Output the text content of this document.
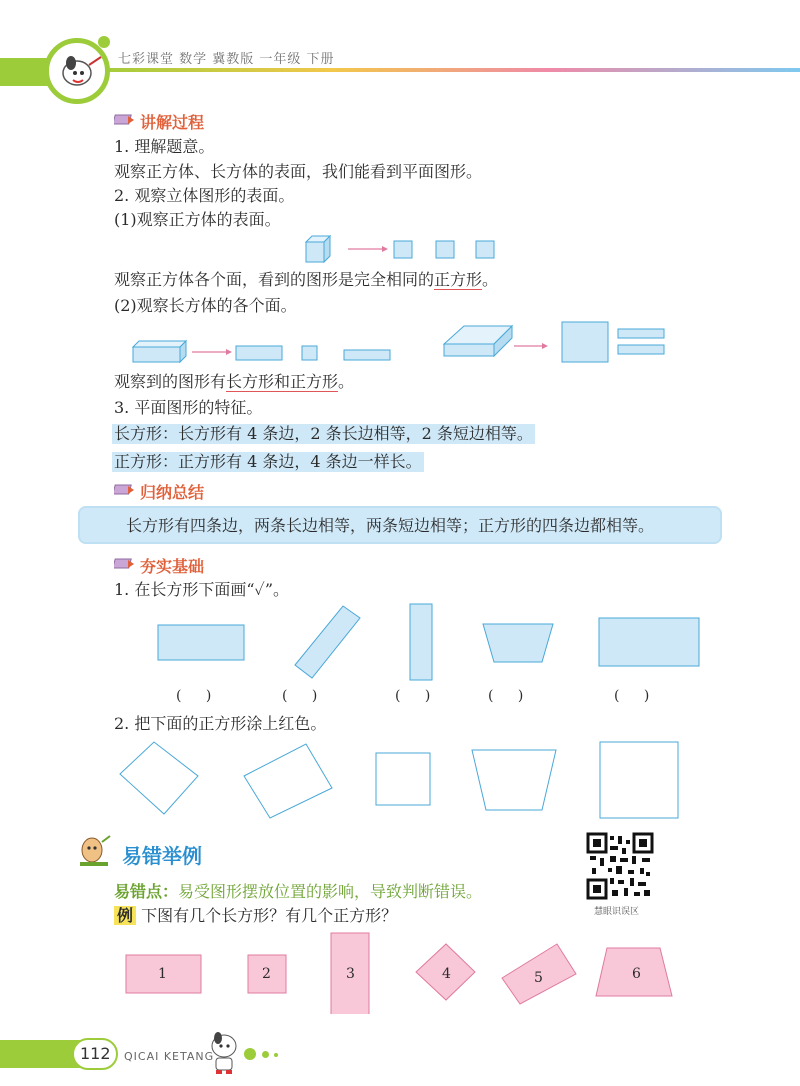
七彩课堂 数学 冀教版 一年级 下册
讲解过程
1. 理解题意。
观察正方体、长方体的表面，我们能看到平面图形。
2. 观察立体图形的表面。
(1)观察正方体的表面。
观察正方体各个面，看到的图形是完全相同的正方形。
(2)观察长方体的各个面。
观察到的图形有长方形和正方形。
3. 平面图形的特征。
长方形：长方形有 4 条边，2 条长边相等，2 条短边相等。
正方形：正方形有 4 条边，4 条边一样长。
归纳总结
长方形有四条边，两条长边相等，两条短边相等；正方形的四条边都相等。
夯实基础
1. 在长方形下面画“✓”。
( )	( )	( )	( )	( )
2. 把下面的正方形涂上红色。
易错举例
易错点：易受图形摆放位置的影响，导致判断错误。
例 下图有几个长方形？有几个正方形？	慧眼识误区
1	2	3	4	5	6
112 QICAI KETANG
